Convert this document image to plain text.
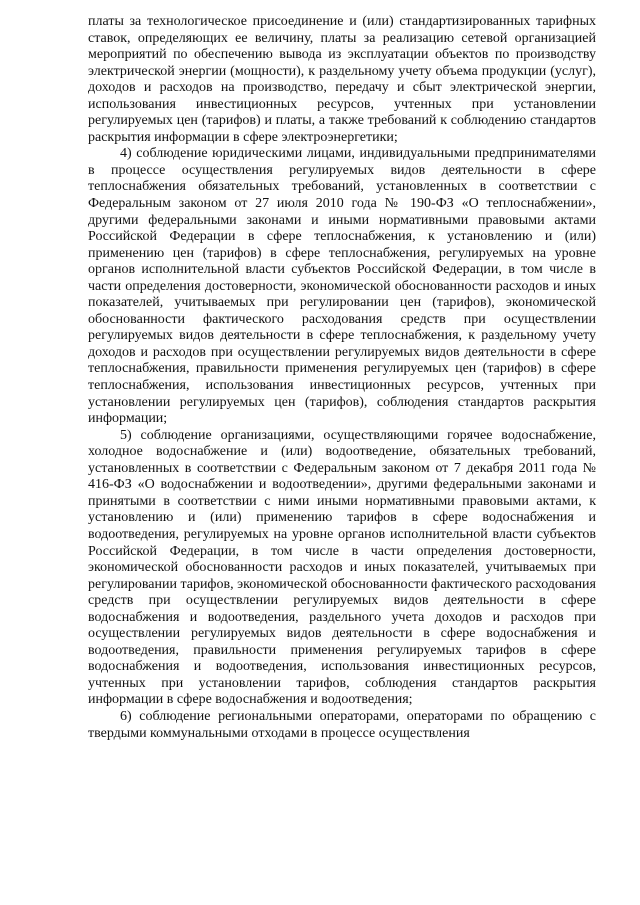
платы за технологическое присоединение и (или) стандартизированных тарифных ставок, определяющих ее величину, платы за реализацию сетевой организацией мероприятий по обеспечению вывода из эксплуатации объектов по производству электрической энергии (мощности), к раздельному учету объема продукции (услуг), доходов и расходов на производство, передачу и сбыт электрической энергии, использования инвестиционных ресурсов, учтенных при установлении регулируемых цен (тарифов) и платы, а также требований к соблюдению стандартов раскрытия информации в сфере электроэнергетики;

4) соблюдение юридическими лицами, индивидуальными предпринимателями в процессе осуществления регулируемых видов деятельности в сфере теплоснабжения обязательных требований, установленных в соответствии с Федеральным законом от 27 июля 2010 года № 190-ФЗ «О теплоснабжении», другими федеральными законами и иными нормативными правовыми актами Российской Федерации в сфере теплоснабжения, к установлению и (или) применению цен (тарифов) в сфере теплоснабжения, регулируемых на уровне органов исполнительной власти субъектов Российской Федерации, в том числе в части определения достоверности, экономической обоснованности расходов и иных показателей, учитываемых при регулировании цен (тарифов), экономической обоснованности фактического расходования средств при осуществлении регулируемых видов деятельности в сфере теплоснабжения, к раздельному учету доходов и расходов при осуществлении регулируемых видов деятельности в сфере теплоснабжения, правильности применения регулируемых цен (тарифов) в сфере теплоснабжения, использования инвестиционных ресурсов, учтенных при установлении регулируемых цен (тарифов), соблюдения стандартов раскрытия информации;

5) соблюдение организациями, осуществляющими горячее водоснабжение, холодное водоснабжение и (или) водоотведение, обязательных требований, установленных в соответствии с Федеральным законом от 7 декабря 2011 года № 416-ФЗ «О водоснабжении и водоотведении», другими федеральными законами и принятыми в соответствии с ними иными нормативными правовыми актами, к установлению и (или) применению тарифов в сфере водоснабжения и водоотведения, регулируемых на уровне органов исполнительной власти субъектов Российской Федерации, в том числе в части определения достоверности, экономической обоснованности расходов и иных показателей, учитываемых при регулировании тарифов, экономической обоснованности фактического расходования средств при осуществлении регулируемых видов деятельности в сфере водоснабжения и водоотведения, раздельного учета доходов и расходов при осуществлении регулируемых видов деятельности в сфере водоснабжения и водоотведения, правильности применения регулируемых тарифов в сфере водоснабжения и водоотведения, использования инвестиционных ресурсов, учтенных при установлении тарифов, соблюдения стандартов раскрытия информации в сфере водоснабжения и водоотведения;

6) соблюдение региональными операторами, операторами по обращению с твердыми коммунальными отходами в процессе осуществления
